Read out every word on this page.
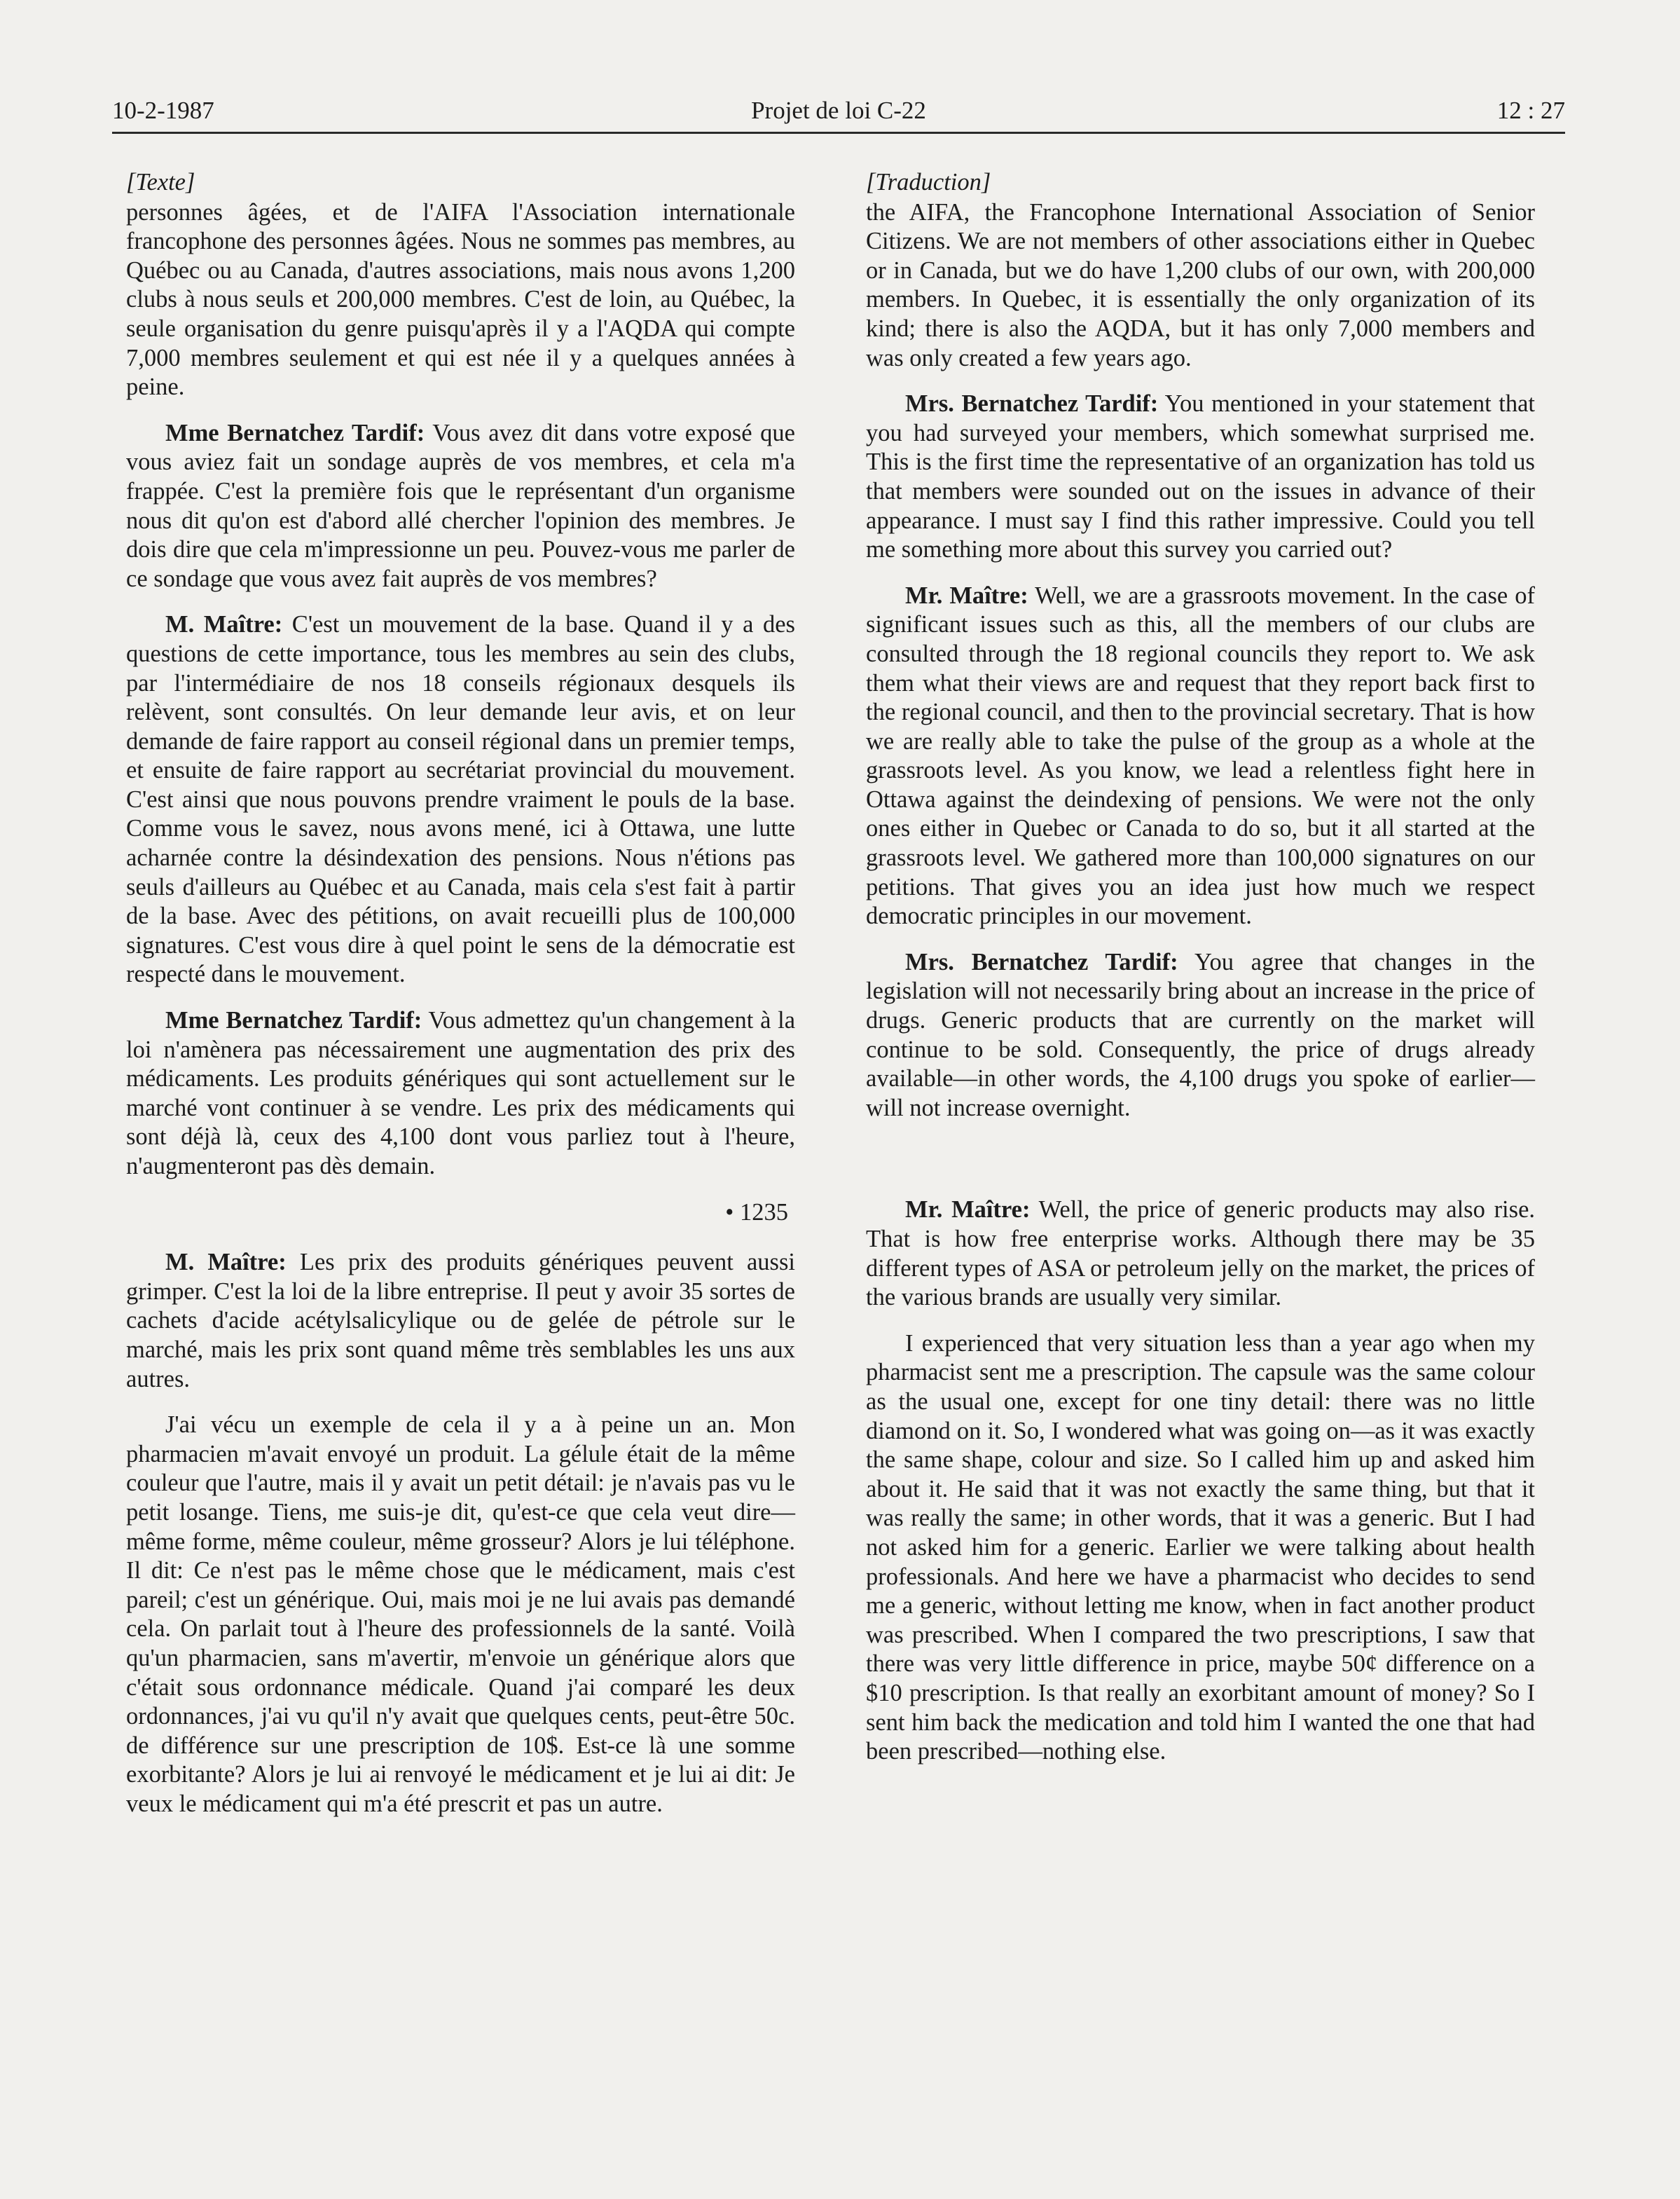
10-2-1987	Projet de loi C-22	12 : 27
[Texte]

personnes âgées, et de l'AIFA l'Association internationale francophone des personnes âgées. Nous ne sommes pas membres, au Québec ou au Canada, d'autres associations, mais nous avons 1,200 clubs à nous seuls et 200,000 membres. C'est de loin, au Québec, la seule organisation du genre puisqu'après il y a l'AQDA qui compte 7,000 membres seulement et qui est née il y a quelques années à peine.

Mme Bernatchez Tardif: Vous avez dit dans votre exposé que vous aviez fait un sondage auprès de vos membres, et cela m'a frappée. C'est la première fois que le représentant d'un organisme nous dit qu'on est d'abord allé chercher l'opinion des membres. Je dois dire que cela m'impressionne un peu. Pouvez-vous me parler de ce sondage que vous avez fait auprès de vos membres?

M. Maître: C'est un mouvement de la base. Quand il y a des questions de cette importance, tous les membres au sein des clubs, par l'intermédiaire de nos 18 conseils régionaux desquels ils relèvent, sont consultés. On leur demande leur avis, et on leur demande de faire rapport au conseil régional dans un premier temps, et ensuite de faire rapport au secrétariat provincial du mouvement. C'est ainsi que nous pouvons prendre vraiment le pouls de la base. Comme vous le savez, nous avons mené, ici à Ottawa, une lutte acharnée contre la désindexation des pensions. Nous n'étions pas seuls d'ailleurs au Québec et au Canada, mais cela s'est fait à partir de la base. Avec des pétitions, on avait recueilli plus de 100,000 signatures. C'est vous dire à quel point le sens de la démocratie est respecté dans le mouvement.

Mme Bernatchez Tardif: Vous admettez qu'un changement à la loi n'amènera pas nécessairement une augmentation des prix des médicaments. Les produits génériques qui sont actuellement sur le marché vont continuer à se vendre. Les prix des médicaments qui sont déjà là, ceux des 4,100 dont vous parliez tout à l'heure, n'augmenteront pas dès demain.

• 1235

M. Maître: Les prix des produits génériques peuvent aussi grimper. C'est la loi de la libre entreprise. Il peut y avoir 35 sortes de cachets d'acide acétylsalicylique ou de gelée de pétrole sur le marché, mais les prix sont quand même très semblables les uns aux autres.

J'ai vécu un exemple de cela il y a à peine un an. Mon pharmacien m'avait envoyé un produit. La gélule était de la même couleur que l'autre, mais il y avait un petit détail: je n'avais pas vu le petit losange. Tiens, me suis-je dit, qu'est-ce que cela veut dire—même forme, même couleur, même grosseur? Alors je lui téléphone. Il dit: Ce n'est pas le même chose que le médicament, mais c'est pareil; c'est un générique. Oui, mais moi je ne lui avais pas demandé cela. On parlait tout à l'heure des professionnels de la santé. Voilà qu'un pharmacien, sans m'avertir, m'envoie un générique alors que c'était sous ordonnance médicale. Quand j'ai comparé les deux ordonnances, j'ai vu qu'il n'y avait que quelques cents, peut-être 50c. de différence sur une prescription de 10$. Est-ce là une somme exorbitante? Alors je lui ai renvoyé le médicament et je lui ai dit: Je veux le médicament qui m'a été prescrit et pas un autre.

[Traduction]

the AIFA, the Francophone International Association of Senior Citizens. We are not members of other associations either in Quebec or in Canada, but we do have 1,200 clubs of our own, with 200,000 members. In Quebec, it is essentially the only organization of its kind; there is also the AQDA, but it has only 7,000 members and was only created a few years ago.

Mrs. Bernatchez Tardif: You mentioned in your statement that you had surveyed your members, which somewhat surprised me. This is the first time the representative of an organization has told us that members were sounded out on the issues in advance of their appearance. I must say I find this rather impressive. Could you tell me something more about this survey you carried out?

Mr. Maître: Well, we are a grassroots movement. In the case of significant issues such as this, all the members of our clubs are consulted through the 18 regional councils they report to. We ask them what their views are and request that they report back first to the regional council, and then to the provincial secretary. That is how we are really able to take the pulse of the group as a whole at the grassroots level. As you know, we lead a relentless fight here in Ottawa against the deindexing of pensions. We were not the only ones either in Quebec or Canada to do so, but it all started at the grassroots level. We gathered more than 100,000 signatures on our petitions. That gives you an idea just how much we respect democratic principles in our movement.

Mrs. Bernatchez Tardif: You agree that changes in the legislation will not necessarily bring about an increase in the price of drugs. Generic products that are currently on the market will continue to be sold. Consequently, the price of drugs already available—in other words, the 4,100 drugs you spoke of earlier—will not increase overnight.

Mr. Maître: Well, the price of generic products may also rise. That is how free enterprise works. Although there may be 35 different types of ASA or petroleum jelly on the market, the prices of the various brands are usually very similar.

I experienced that very situation less than a year ago when my pharmacist sent me a prescription. The capsule was the same colour as the usual one, except for one tiny detail: there was no little diamond on it. So, I wondered what was going on—as it was exactly the same shape, colour and size. So I called him up and asked him about it. He said that it was not exactly the same thing, but that it was really the same; in other words, that it was a generic. But I had not asked him for a generic. Earlier we were talking about health professionals. And here we have a pharmacist who decides to send me a generic, without letting me know, when in fact another product was prescribed. When I compared the two prescriptions, I saw that there was very little difference in price, maybe 50¢ difference on a $10 prescription. Is that really an exorbitant amount of money? So I sent him back the medication and told him I wanted the one that had been prescribed—nothing else.
